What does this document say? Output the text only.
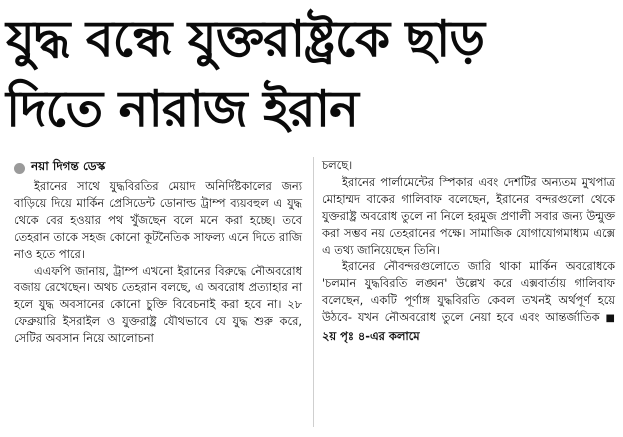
যুদ্ধ বন্ধে যুক্তরাষ্ট্রকে ছাড়
দিতে নারাজ ইরান
নয়া দিগন্ত ডেস্ক

ইরানের সাথে যুদ্ধবিরতির মেয়াদ অনির্দিষ্টকালের জন্য বাড়িয়ে দিয়ে মার্কিন প্রেসিডেন্ট ডোনাল্ড ট্রাম্প ব্যয়বহুল এ যুদ্ধ থেকে বের হওয়ার পথ খুঁজছেন বলে মনে করা হচ্ছে। তবে তেহরান তাকে সহজ কোনো কূটনৈতিক সাফল্য এনে দিতে রাজি নাও হতে পারে।

এএফপি জানায়, ট্রাম্প এখনো ইরানের বিরুদ্ধে নৌঅবরোধ বজায় রেখেছেন। অথচ তেহরান বলছে, এ অবরোধ প্রত্যাহার না হলে যুদ্ধ অবসানের কোনো চুক্তি বিবেচনাই করা হবে না। ২৮ ফেব্রুয়ারি ইসরাইল ও যুক্তরাষ্ট্র যৌথভাবে যে যুদ্ধ শুরু করে, সেটির অবসান নিয়ে আলোচনা

চলছে।

ইরানের পার্লামেন্টের স্পিকার এবং দেশটির অন্যতম মুখপাত্র মোহাম্মদ বাকের গালিবাফ বলেছেন, ইরানের বন্দরগুলো থেকে যুক্তরাষ্ট্র অবরোধ তুলে না নিলে হরমুজ প্রণালী সবার জন্য উন্মুক্ত করা সম্ভব নয় তেহরানের পক্ষে। সামাজিক যোগাযোগমাধ্যম এক্সে এ তথ্য জানিয়েছেন তিনি।

ইরানের নৌবন্দরগুলোতে জারি থাকা মার্কিন অবরোধকে 'চলমান যুদ্ধবিরতি লঙ্ঘন' উল্লেখ করে এক্সবার্তায় গালিবাফ বলেছেন, একটি পূর্ণাঙ্গ যুদ্ধবিরতি কেবল তখনই অর্থপূর্ণ হয়ে উঠবে- যখন নৌঅবরোধ তুলে নেয়া হবে এবং আন্তর্জাতিক ■ ২য় পৃঃ ৪-এর কলামে
